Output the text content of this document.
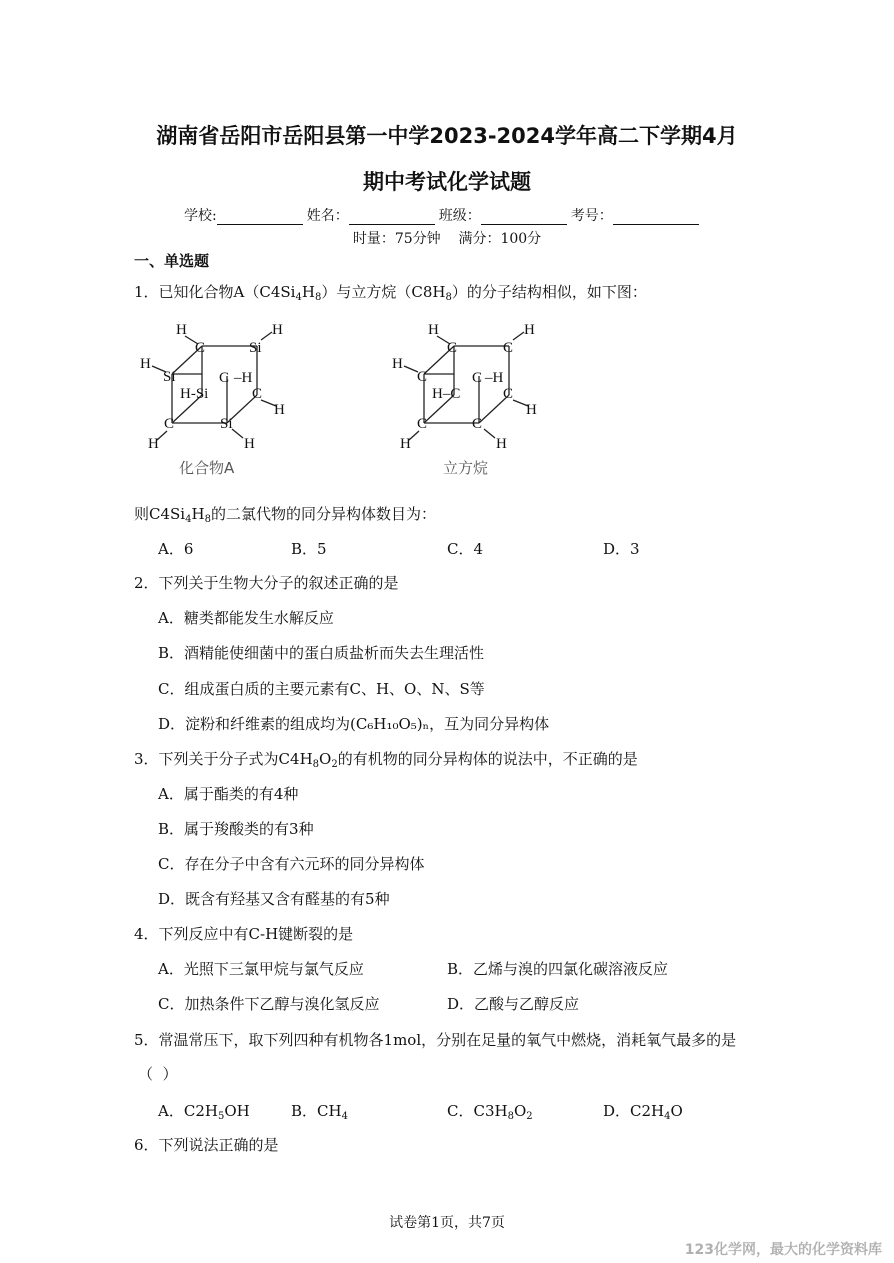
湖南省岳阳市岳阳县第一中学2023-2024学年高二下学期4月
期中考试化学试题
学校:	姓名：	班级：	考号：
时量：75分钟    满分：100分
一、单选题
1．已知化合物$A(C4Si_4H_8)$与立方烷$(C8H_8)$的分子结构相似，如下图：
H
C	Si
H
H
Si	C –H
H-Si	C
H
C	Si
H	H
化合物A
H
C	C
H
H
C	C –H
H–C	C
H
C	C
H	H
立方烷
则$C4Si_4H_8$的二氯代物的同分异构体数目为：
A．6	B．5	C．4	D．3
2．下列关于生物大分子的叙述正确的是
A．糖类都能发生水解反应
B．酒精能使细菌中的蛋白质盐析而失去生理活性
C．组成蛋白质的主要元素有C、H、O、N、S等
D．淀粉和纤维素的组成均为(C₆H₁₀O₅)ₙ，互为同分异构体
3．下列关于分子式为$C4H_8O_2$的有机物的同分异构体的说法中，不正确的是
A．属于酯类的有4种
B．属于羧酸类的有3种
C．存在分子中含有六元环的同分异构体
D．既含有羟基又含有醛基的有5种
4．下列反应中有C-H键断裂的是
A．光照下三氯甲烷与氯气反应	B．乙烯与溴的四氯化碳溶液反应
C．加热条件下乙醇与溴化氢反应	D．乙酸与乙醇反应
5．常温常压下，取下列四种有机物各1mol，分别在足量的氧气中燃烧，消耗氧气最多的是
（  ）
A．$C2H_5OH$	B．$CH_4$	C．$C3H_8O_2$	D．$C2H_4O$
6．下列说法正确的是
试卷第1页，共7页
123化学网，最大的化学资料库
